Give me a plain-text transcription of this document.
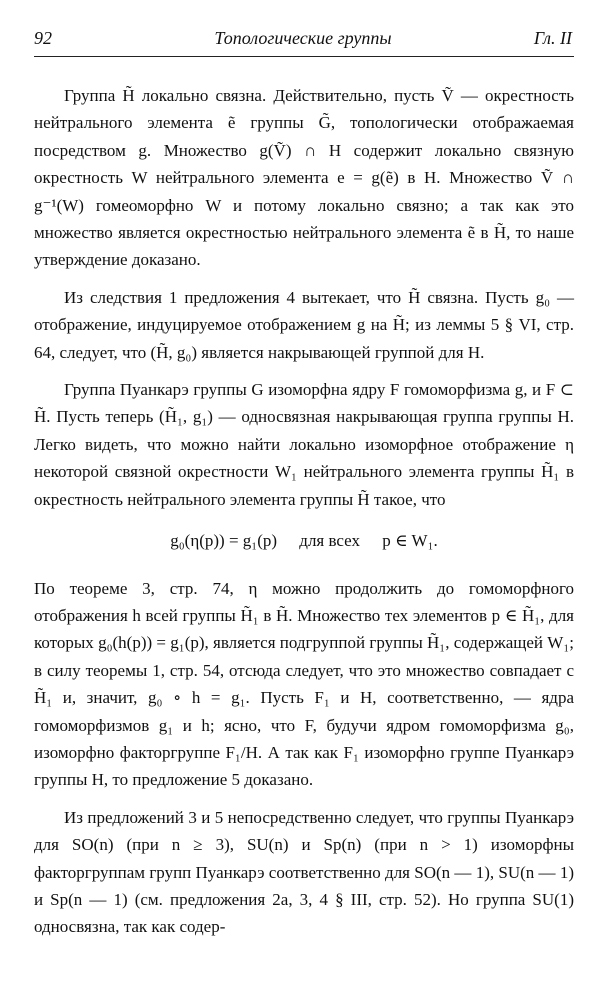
92	Топологические группы	Гл. II

Группа H̃ локально связна. Действительно, пусть Ṽ — окрестность нейтрального элемента ẽ группы G̃, топологически отображаемая посредством g. Множество g(Ṽ) ∩ H содержит локально связную окрестность W нейтрального элемента e = g(ẽ) в H. Множество Ṽ ∩ g⁻¹(W) гомеоморфно W и потому локально связно; а так как это множество является окрестностью нейтрального элемента ẽ в H̃, то наше утверждение доказано.

Из следствия 1 предложения 4 вытекает, что H̃ связна. Пусть g₀ — отображение, индуцируемое отображением g на H̃; из леммы 5 § VI, стр. 64, следует, что (H̃, g₀) является накрывающей группой для H.

Группа Пуанкарэ группы G изоморфна ядру F гомоморфизма g, и F ⊂ H̃. Пусть теперь (H̃₁, g₁) — односвязная накрывающая группа группы H. Легко видеть, что можно найти локально изоморфное отображение η некоторой связной окрестности W₁ нейтрального элемента группы H̃₁ в окрестность нейтрального элемента группы H̃ такое, что

g₀(η(p)) = g₁(p) для всех p ∈ W₁.

По теореме 3, стр. 74, η можно продолжить до гомоморфного отображения h всей группы H̃₁ в H̃. Множество тех элементов p ∈ H̃₁, для которых g₀(h(p)) = g₁(p), является подгруппой группы H̃₁, содержащей W₁; в силу теоремы 1, стр. 54, отсюда следует, что это множество совпадает с H̃₁ и, значит, g₀ ∘ h = g₁. Пусть F₁ и H, соответственно, — ядра гомоморфизмов g₁ и h; ясно, что F, будучи ядром гомоморфизма g₀, изоморфно факторгруппе F₁/H. А так как F₁ изоморфно группе Пуанкарэ группы H, то предложение 5 доказано.

Из предложений 3 и 5 непосредственно следует, что группы Пуанкарэ для SO(n) (при n ≥ 3), SU(n) и Sp(n) (при n > 1) изоморфны факторгруппам групп Пуанкарэ соответственно для SO(n — 1), SU(n — 1) и Sp(n — 1) (см. предложения 2a, 3, 4 § III, стр. 52). Но группа SU(1) односвязна, так как содер-
